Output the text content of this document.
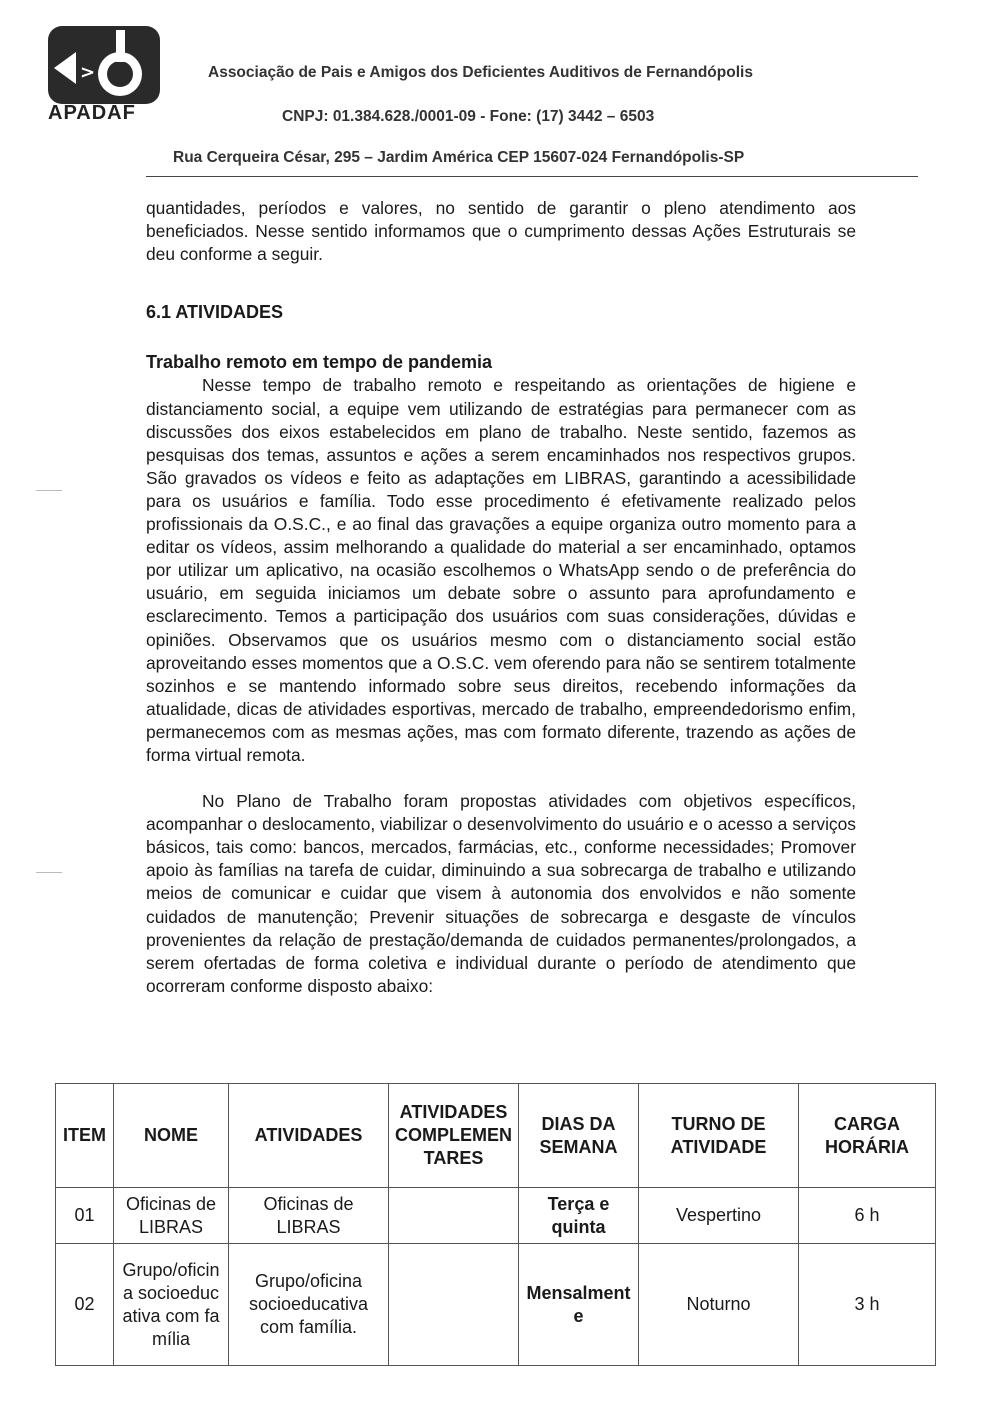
>
APADAF
Associação de Pais e Amigos dos Deficientes Auditivos de Fernandópolis
CNPJ: 01.384.628./0001-09 - Fone: (17) 3442 – 6503
Rua Cerqueira César, 295 – Jardim América CEP 15607-024 Fernandópolis-SP

quantidades, períodos e valores, no sentido de garantir o pleno atendimento aos beneficiados. Nesse sentido informamos que o cumprimento dessas Ações Estruturais se deu conforme a seguir.

6.1 ATIVIDADES

Trabalho remoto em tempo de pandemia

Nesse tempo de trabalho remoto e respeitando as orientações de higiene e distanciamento social, a equipe vem utilizando de estratégias para permanecer com as discussões dos eixos estabelecidos em plano de trabalho. Neste sentido, fazemos as pesquisas dos temas, assuntos e ações a serem encaminhados nos respectivos grupos. São gravados os vídeos e feito as adaptações em LIBRAS, garantindo a acessibilidade para os usuários e família. Todo esse procedimento é efetivamente realizado pelos profissionais da O.S.C., e ao final das gravações a equipe organiza outro momento para a editar os vídeos, assim melhorando a qualidade do material a ser encaminhado, optamos por utilizar um aplicativo, na ocasião escolhemos o WhatsApp sendo o de preferência do usuário, em seguida iniciamos um debate sobre o assunto para aprofundamento e esclarecimento. Temos a participação dos usuários com suas considerações, dúvidas e opiniões. Observamos que os usuários mesmo com o distanciamento social estão aproveitando esses momentos que a O.S.C. vem oferendo para não se sentirem totalmente sozinhos e se mantendo informado sobre seus direitos, recebendo informações da atualidade, dicas de atividades esportivas, mercado de trabalho, empreendedorismo enfim, permanecemos com as mesmas ações, mas com formato diferente, trazendo as ações de forma virtual remota.

No Plano de Trabalho foram propostas atividades com objetivos específicos, acompanhar o deslocamento, viabilizar o desenvolvimento do usuário e o acesso a serviços básicos, tais como: bancos, mercados, farmácias, etc., conforme necessidades; Promover apoio às famílias na tarefa de cuidar, diminuindo a sua sobrecarga de trabalho e utilizando meios de comunicar e cuidar que visem à autonomia dos envolvidos e não somente cuidados de manutenção; Prevenir situações de sobrecarga e desgaste de vínculos provenientes da relação de prestação/demanda de cuidados permanentes/prolongados, a serem ofertadas de forma coletiva e individual durante o período de atendimento que ocorreram conforme disposto abaixo:

ITEM	NOME	ATIVIDADES	ATIVIDADES COMPLEMENTARES	DIAS DA SEMANA	TURNO DE ATIVIDADE	CARGA HORÁRIA
01	Oficinas de LIBRAS	Oficinas de LIBRAS		Terça e quinta	Vespertino	6 h
02	Grupo/oficina socioeducativa com família	Grupo/oficina socioeducativa com família.		Mensalmente	Noturno	3 h
